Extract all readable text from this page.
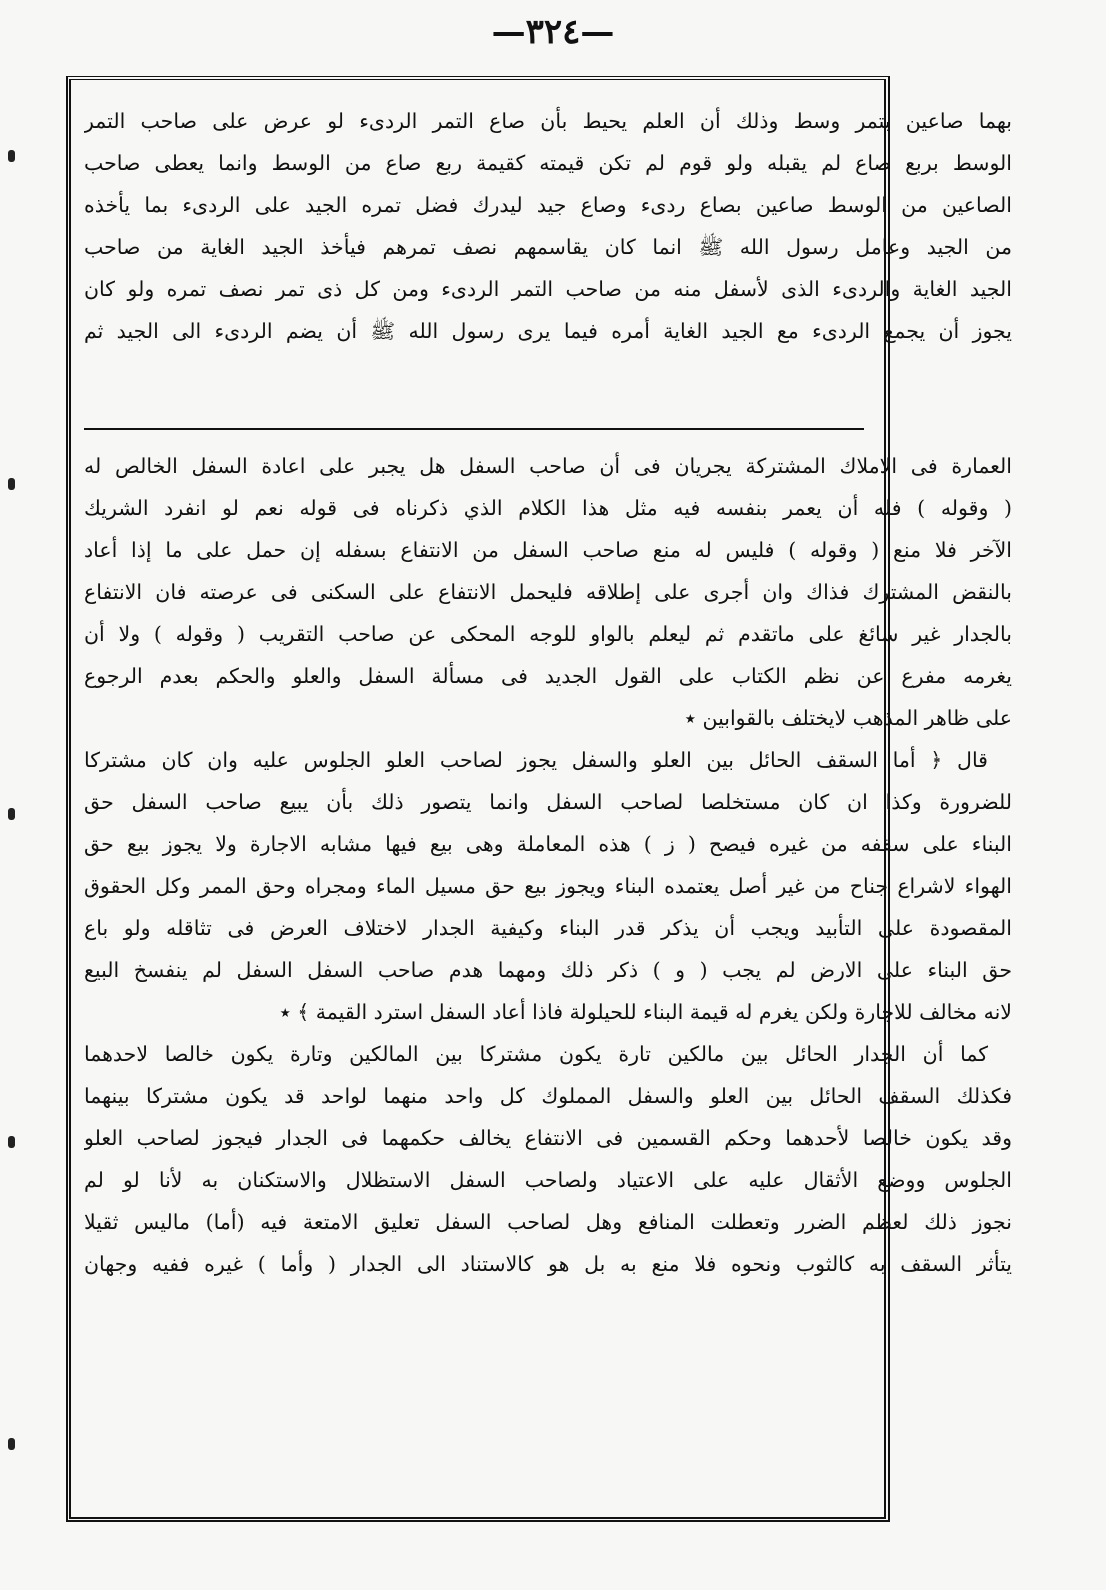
—٣٢٤—
بهما صاعين بتمر وسط وذلك أن العلم يحيط بأن صاع التمر الردىء لو عرض على صاحب التمر
الوسط بربع صاع لم يقبله ولو قوم لم تكن قيمته كقيمة ربع صاع من الوسط وانما يعطى صاحب
الصاعين من الوسط صاعين بصاع ردىء وصاع جيد ليدرك فضل تمره الجيد على الردىء بما يأخذه
من الجيد وعامل رسول الله ﷺ انما كان يقاسمهم نصف تمرهم فيأخذ الجيد الغاية من صاحب
الجيد الغاية والردىء الذى لأسفل منه من صاحب التمر الردىء ومن كل ذى تمر نصف تمره ولو كان
يجوز أن يجمع الردىء مع الجيد الغاية أمره فيما يرى رسول الله ﷺ أن يضم الردىء الى الجيد ثم
العمارة فى الاملاك المشتركة يجريان فى أن صاحب السفل هل يجبر على اعادة السفل الخالص له
( وقوله ) فله أن يعمر بنفسه فيه مثل هذا الكلام الذي ذكرناه فى قوله نعم لو انفرد الشريك
الآخر فلا منع ( وقوله ) فليس له منع صاحب السفل من الانتفاع بسفله إن حمل على ما إذا أعاد
بالنقض المشترك فذاك وان أجرى على إطلاقه فليحمل الانتفاع على السكنى فى عرصته فان الانتفاع
بالجدار غير سائغ على ماتقدم ثم ليعلم بالواو للوجه المحكى عن صاحب التقريب ( وقوله ) ولا أن
يغرمه مفرع عن نظم الكتاب على القول الجديد فى مسألة السفل والعلو والحكم بعدم الرجوع
على ظاهر المذهب لايختلف بالقوابين ٭
قال ﴿ أما السقف الحائل بين العلو والسفل يجوز لصاحب العلو الجلوس عليه وان كان مشتركا
للضرورة وكذا ان كان مستخلصا لصاحب السفل وانما يتصور ذلك بأن يبيع صاحب السفل حق
البناء على سقفه من غيره فيصح ( ز ) هذه المعاملة وهى بيع فيها مشابه الاجارة ولا يجوز بيع حق
الهواء لاشراع جناح من غير أصل يعتمده البناء ويجوز بيع حق مسيل الماء ومجراه وحق الممر وكل الحقوق
المقصودة على التأبيد ويجب أن يذكر قدر البناء وكيفية الجدار لاختلاف العرض فى تثاقله ولو باع
حق البناء على الارض لم يجب ( و ) ذكر ذلك ومهما هدم صاحب السفل السفل لم ينفسخ البيع
لانه مخالف للاجارة ولكن يغرم له قيمة البناء للحيلولة فاذا أعاد السفل استرد القيمة ﴾ ٭
كما أن الجدار الحائل بين مالكين تارة يكون مشتركا بين المالكين وتارة يكون خالصا لاحدهما
فكذلك السقف الحائل بين العلو والسفل المملوك كل واحد منهما لواحد قد يكون مشتركا بينهما
وقد يكون خالصا لأحدهما وحكم القسمين فى الانتفاع يخالف حكمهما فى الجدار فيجوز لصاحب العلو
الجلوس ووضع الأثقال عليه على الاعتياد ولصاحب السفل الاستظلال والاستكنان به لأنا لو لم
نجوز ذلك لعظم الضرر وتعطلت المنافع وهل لصاحب السفل تعليق الامتعة فيه (أما) ماليس ثقيلا
يتأثر السقف به كالثوب ونحوه فلا منع به بل هو كالاستناد الى الجدار ( وأما ) غيره ففيه وجهان
